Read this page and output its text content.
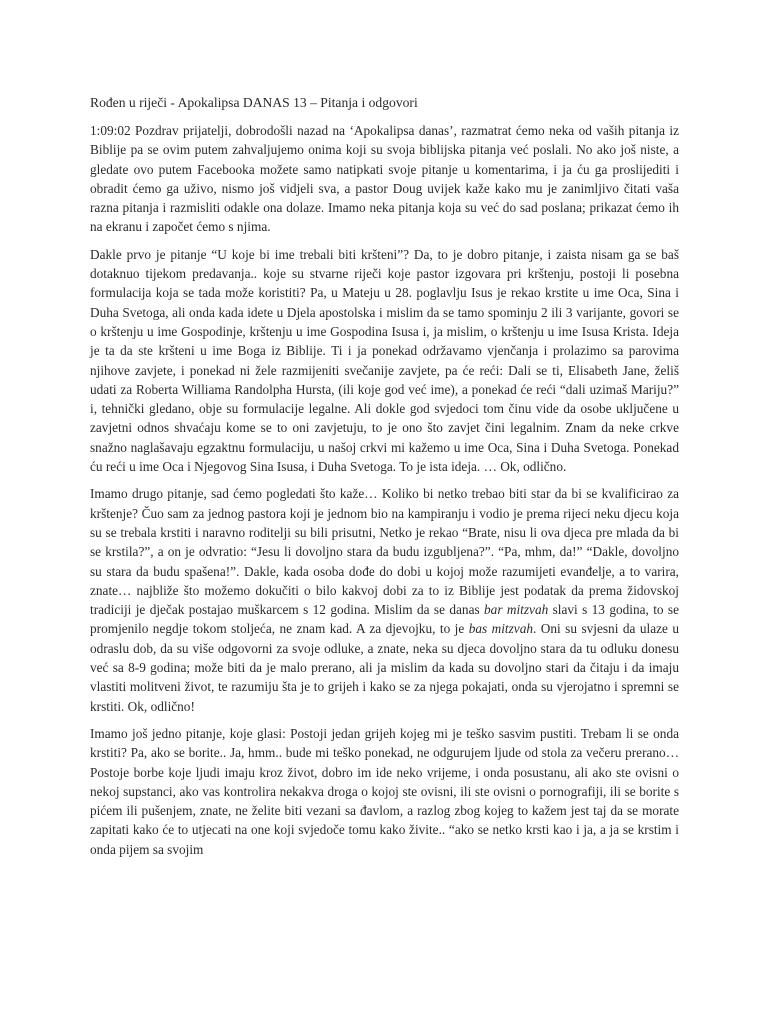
Rođen u riječi - Apokalipsa DANAS 13 – Pitanja i odgovori

1:09:02 Pozdrav prijatelji, dobrodošli nazad na ‘Apokalipsa danas’, razmatrat ćemo neka od vaših pitanja iz Biblije pa se ovim putem zahvaljujemo onima koji su svoja biblijska pitanja već poslali. No ako još niste, a gledate ovo putem Facebooka možete samo natipkati svoje pitanje u komentarima, i ja ću ga proslijediti i obradit ćemo ga uživo, nismo još vidjeli sva, a pastor Doug uvijek kaže kako mu je zanimljivo čitati vaša razna pitanja i razmisliti odakle ona dolaze. Imamo neka pitanja koja su već do sad poslana; prikazat ćemo ih na ekranu i započet ćemo s njima.

Dakle prvo je pitanje “U koje bi ime trebali biti kršteni”? Da, to je dobro pitanje, i zaista nisam ga se baš dotaknuo tijekom predavanja.. koje su stvarne riječi koje pastor izgovara pri krštenju, postoji li posebna formulacija koja se tada može koristiti? Pa, u Mateju u 28. poglavlju Isus je rekao krstite u ime Oca, Sina i Duha Svetoga, ali onda kada idete u Djela apostolska i mislim da se tamo spominju 2 ili 3 varijante, govori se o krštenju u ime Gospodinje, krštenju u ime Gospodina Isusa i, ja mislim, o krštenju u ime Isusa Krista. Ideja je ta da ste kršteni u ime Boga iz Biblije. Ti i ja ponekad održavamo vjenčanja i prolazimo sa parovima njihove zavjete, i ponekad ni žele razmijeniti svečanije zavjete, pa će reći: Dali se ti, Elisabeth Jane, želiš udati za Roberta Williama Randolpha Hursta, (ili koje god već ime), a ponekad će reći “dali uzimaš Mariju?” i, tehnički gledano, obje su formulacije legalne. Ali dokle god svjedoci tom činu vide da osobe uključene u zavjetni odnos shvaćaju kome se to oni zavjetuju, to je ono što zavjet čini legalnim. Znam da neke crkve snažno naglašavaju egzaktnu formulaciju, u našoj crkvi mi kažemo u ime Oca, Sina i Duha Svetoga. Ponekad ću reći u ime Oca i Njegovog Sina Isusa, i Duha Svetoga. To je ista ideja. … Ok, odlično.

Imamo drugo pitanje, sad ćemo pogledati što kaže… Koliko bi netko trebao biti star da bi se kvalificirao za krštenje? Čuo sam za jednog pastora koji je jednom bio na kampiranju i vodio je prema rijeci neku djecu koja su se trebala krstiti i naravno roditelji su bili prisutni, Netko je rekao “Brate, nisu li ova djeca pre mlada da bi se krstila?”, a on je odvratio: “Jesu li dovoljno stara da budu izgubljena?”. “Pa, mhm, da!” “Dakle, dovoljno su stara da budu spašena!”. Dakle, kada osoba dođe do dobi u kojoj može razumijeti evanđelje, a to varira, znate… najbliže što možemo dokučiti o bilo kakvoj dobi za to iz Biblije jest podatak da prema židovskoj tradiciji je dječak postajao muškarcem s 12 godina. Mislim da se danas bar mitzvah slavi s 13 godina, to se promjenilo negdje tokom stoljeća, ne znam kad. A za djevojku, to je bas mitzvah. Oni su svjesni da ulaze u odraslu dob, da su više odgovorni za svoje odluke, a znate, neka su djeca dovoljno stara da tu odluku donesu već sa 8-9 godina; može biti da je malo prerano, ali ja mislim da kada su dovoljno stari da čitaju i da imaju vlastiti molitveni život, te razumiju šta je to grijeh i kako se za njega pokajati, onda su vjerojatno i spremni se krstiti. Ok, odlično!

Imamo još jedno pitanje, koje glasi: Postoji jedan grijeh kojeg mi je teško sasvim pustiti. Trebam li se onda krstiti? Pa, ako se borite.. Ja, hmm.. bude mi teško ponekad, ne odgurujem ljude od stola za večeru prerano… Postoje borbe koje ljudi imaju kroz život, dobro im ide neko vrijeme, i onda posustanu, ali ako ste ovisni o nekoj supstanci, ako vas kontrolira nekakva droga o kojoj ste ovisni, ili ste ovisni o pornografiji, ili se borite s pićem ili pušenjem, znate, ne želite biti vezani sa đavlom, a razlog zbog kojeg to kažem jest taj da se morate zapitati kako će to utjecati na one koji svjedoče tomu kako živite.. “ako se netko krsti kao i ja, a ja se krstim i onda pijem sa svojim
